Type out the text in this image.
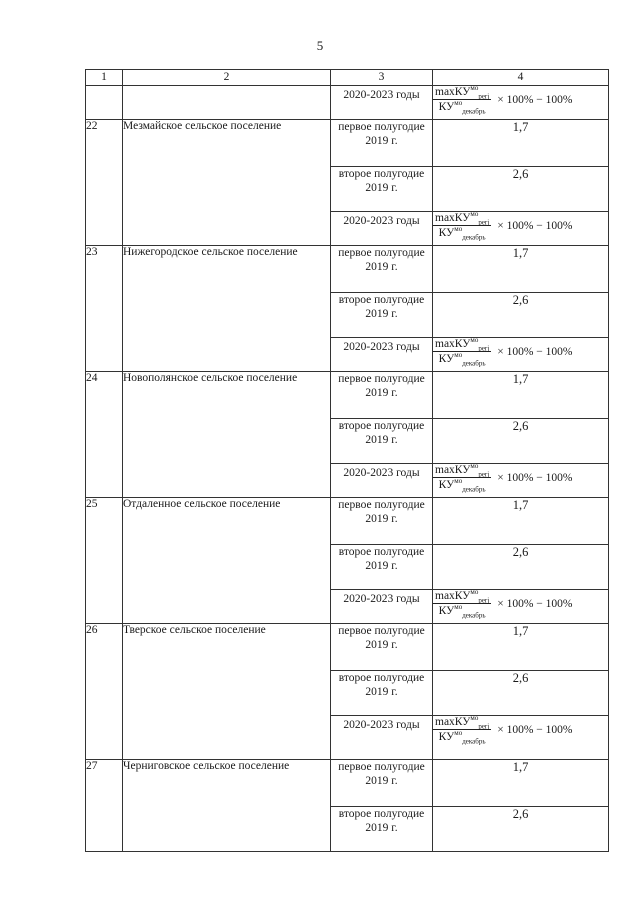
5
1	2	3	4
		2020-2023 годы	$\frac{\max КУ^{мо}_{perj}}{КУ^{мо}_{декабрь}} \times 100\% - 100\%$

22	Мезмайское сельское поселение	первое полугодие 2019 г.	1,7
		второе полугодие 2019 г.	2,6
		2020-2023 годы	$\frac{\max КУ^{мо}_{perj}}{КУ^{мо}_{декабрь}} \times 100\% - 100\%$

23	Нижегородское сельское поселение	первое полугодие 2019 г.	1,7
		второе полугодие 2019 г.	2,6
		2020-2023 годы	$\frac{\max КУ^{мо}_{perj}}{КУ^{мо}_{декабрь}} \times 100\% - 100\%$

24	Новополянское сельское поселение	первое полугодие 2019 г.	1,7
		второе полугодие 2019 г.	2,6
		2020-2023 годы	$\frac{\max КУ^{мо}_{perj}}{КУ^{мо}_{декабрь}} \times 100\% - 100\%$

25	Отдаленное сельское поселение	первое полугодие 2019 г.	1,7
		второе полугодие 2019 г.	2,6
		2020-2023 годы	$\frac{\max КУ^{мо}_{perj}}{КУ^{мо}_{декабрь}} \times 100\% - 100\%$

26	Тверское сельское поселение	первое полугодие 2019 г.	1,7
		второе полугодие 2019 г.	2,6
		2020-2023 годы	$\frac{\max КУ^{мо}_{perj}}{КУ^{мо}_{декабрь}} \times 100\% - 100\%$

27	Черниговское сельское поселение	первое полугодие 2019 г.	1,7
		второе полугодие 2019 г.	2,6
